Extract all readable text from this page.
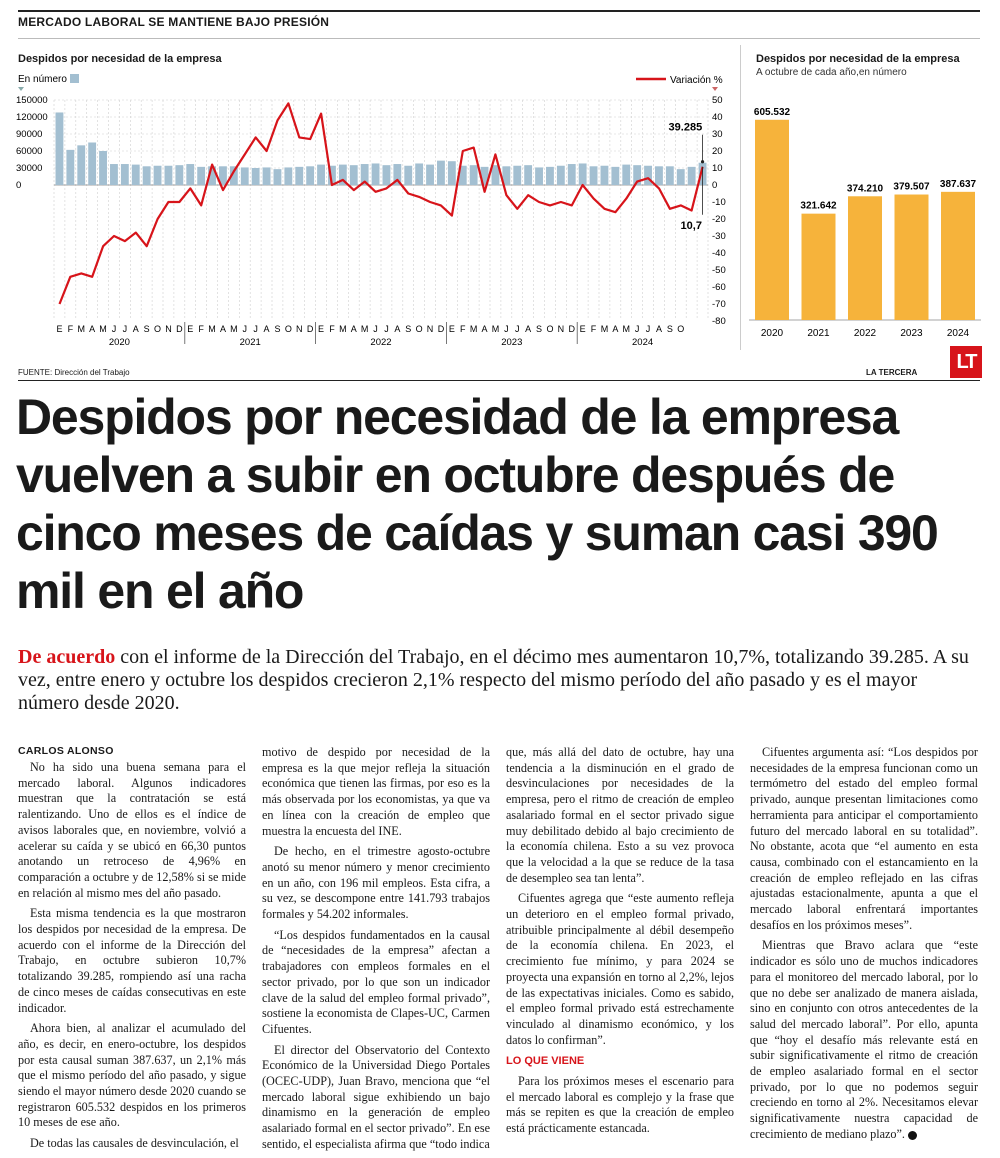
MERCADO LABORAL SE MANTIENE BAJO PRESIÓN
Despidos por necesidad de la empresa
En número	Variación %
150000
120000
90000
60000
30000
0
50
40
30
20
10
0
-10
-20
-30
-40
-50
-60
-70
-80
39.285
10,7
E F M A M J J A S O N D E F M A M J J A S O N D E F M A M J J A S O N D E F M A M J J A S O N D E F M A M J J A S O
2020	2021	2022	2023	2024
Despidos por necesidad de la empresa
A octubre de cada año,en número
605.532
2020
321.642
2021
374.210
2022
379.507
2023
387.637
2024
FUENTE: Dirección del Trabajo	LA TERCERA	LT
Despidos por necesidad de la empresa vuelven a subir en octubre después de cinco meses de caídas y suman casi 390 mil en el año

De acuerdo con el informe de la Dirección del Trabajo, en el décimo mes aumentaron 10,7%, totalizando 39.285. A su vez, entre enero y octubre los despidos crecieron 2,1% respecto del mismo período del año pasado y es el mayor número desde 2020.

CARLOS ALONSO

No ha sido una buena semana para el mercado laboral. Algunos indicadores muestran que la contratación se está ralentizando. Uno de ellos es el índice de avisos laborales que, en noviembre, volvió a acelerar su caída y se ubicó en 66,30 puntos anotando un retroceso de 4,96% en comparación a octubre y de 12,58% si se mide en relación al mismo mes del año pasado.

Esta misma tendencia es la que mostraron los despidos por necesidad de la empresa. De acuerdo con el informe de la Dirección del Trabajo, en octubre subieron 10,7% totalizando 39.285, rompiendo así una racha de cinco meses de caídas consecutivas en este indicador.

Ahora bien, al analizar el acumulado del año, es decir, en enero-octubre, los despidos por esta causal suman 387.637, un 2,1% más que el mismo período del año pasado, y sigue siendo el mayor número desde 2020 cuando se registraron 605.532 despidos en los primeros 10 meses de ese año.

De todas las causales de desvinculación, el

motivo de despido por necesidad de la empresa es la que mejor refleja la situación económica que tienen las firmas, por eso es la más observada por los economistas, ya que va en línea con la creación de empleo que muestra la encuesta del INE.

De hecho, en el trimestre agosto-octubre anotó su menor número y menor crecimiento en un año, con 196 mil empleos. Esta cifra, a su vez, se descompone entre 141.793 trabajos formales y 54.202 informales.

“Los despidos fundamentados en la causal de “necesidades de la empresa” afectan a trabajadores con empleos formales en el sector privado, por lo que son un indicador clave de la salud del empleo formal privado”, sostiene la economista de Clapes-UC, Carmen Cifuentes.

El director del Observatorio del Contexto Económico de la Universidad Diego Portales (OCEC-UDP), Juan Bravo, menciona que “el mercado laboral sigue exhibiendo un bajo dinamismo en la generación de empleo asalariado formal en el sector privado”. En ese sentido, el especialista afirma que “todo indica

que, más allá del dato de octubre, hay una tendencia a la disminución en el grado de desvinculaciones por necesidades de la empresa, pero el ritmo de creación de empleo asalariado formal en el sector privado sigue muy debilitado debido al bajo crecimiento de la economía chilena. Esto a su vez provoca que la velocidad a la que se reduce de la tasa de desempleo sea tan lenta”.

Cifuentes agrega que “este aumento refleja un deterioro en el empleo formal privado, atribuible principalmente al débil desempeño de la economía chilena. En 2023, el crecimiento fue mínimo, y para 2024 se proyecta una expansión en torno al 2,2%, lejos de las expectativas iniciales. Como es sabido, el empleo formal privado está estrechamente vinculado al dinamismo económico, y los datos lo confirman”.

LO QUE VIENE

Para los próximos meses el escenario para el mercado laboral es complejo y la frase que más se repiten es que la creación de empleo está prácticamente estancada.

Cifuentes argumenta así: “Los despidos por necesidades de la empresa funcionan como un termómetro del estado del empleo formal privado, aunque presentan limitaciones como herramienta para anticipar el comportamiento futuro del mercado laboral en su totalidad”. No obstante, acota que “el aumento en esta causa, combinado con el estancamiento en la creación de empleo reflejado en las cifras ajustadas estacionalmente, apunta a que el mercado laboral enfrentará importantes desafíos en los próximos meses”.

Mientras que Bravo aclara que “este indicador es sólo uno de muchos indicadores para el monitoreo del mercado laboral, por lo que no debe ser analizado de manera aislada, sino en conjunto con otros antecedentes de la salud del mercado laboral”. Por ello, apunta que “hoy el desafío más relevante está en subir significativamente el ritmo de creación de empleo asalariado formal en el sector privado, por lo que no podemos seguir creciendo en torno al 2%. Necesitamos elevar significativamente nuestra capacidad de crecimiento de mediano plazo”.	P
